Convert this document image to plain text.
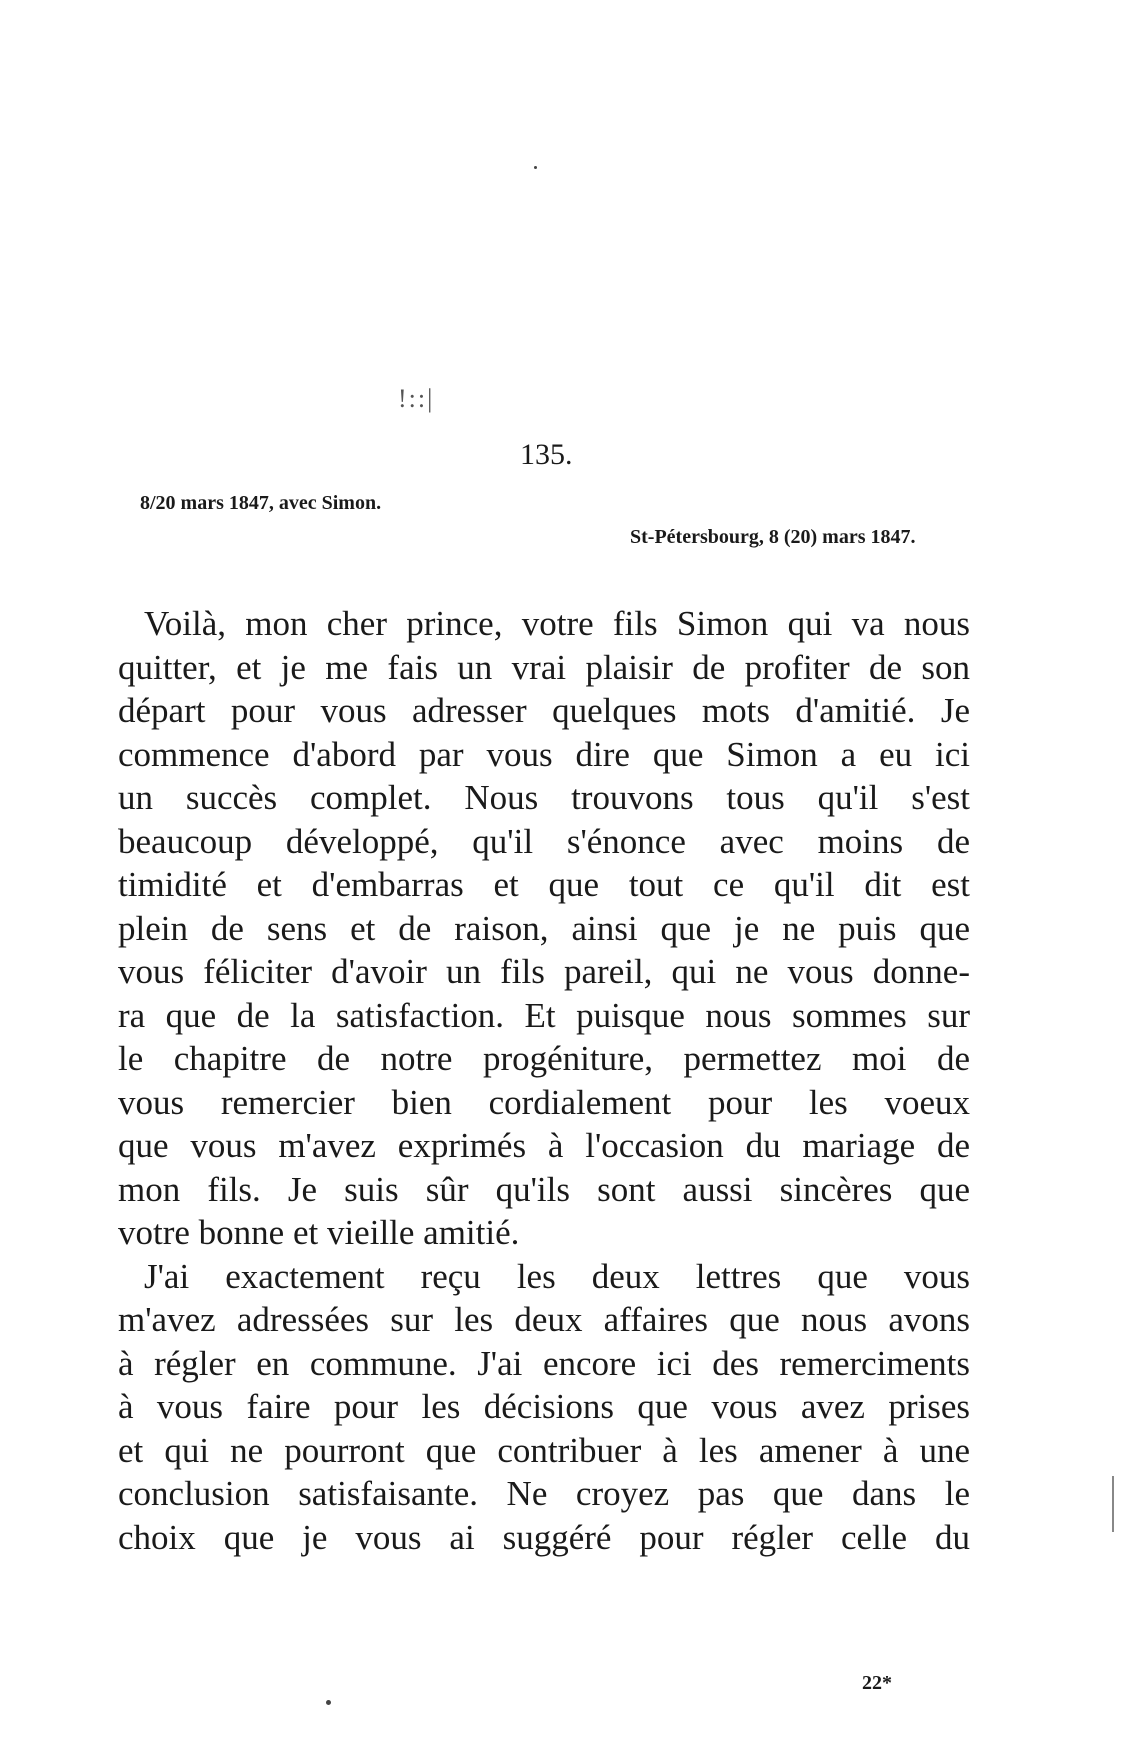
!::|
135.
8/20 mars 1847, avec Simon.
St-Pétersbourg, 8 (20) mars 1847.
Voilà, mon cher prince, votre fils Simon qui va nous
quitter, et je me fais un vrai plaisir de profiter de son
départ pour vous adresser quelques mots d'amitié. Je
commence d'abord par vous dire que Simon a eu ici
un succès complet. Nous trouvons tous qu'il s'est
beaucoup développé, qu'il s'énonce avec moins de
timidité et d'embarras et que tout ce qu'il dit est
plein de sens et de raison, ainsi que je ne puis que
vous féliciter d'avoir un fils pareil, qui ne vous donne-
ra que de la satisfaction. Et puisque nous sommes sur
le chapitre de notre progéniture, permettez moi de
vous remercier bien cordialement pour les voeux
que vous m'avez exprimés à l'occasion du mariage de
mon fils. Je suis sûr qu'ils sont aussi sincères que
votre bonne et vieille amitié.
J'ai exactement reçu les deux lettres que vous
m'avez adressées sur les deux affaires que nous avons
à régler en commune. J'ai encore ici des remerciments
à vous faire pour les décisions que vous avez prises
et qui ne pourront que contribuer à les amener à une
conclusion satisfaisante. Ne croyez pas que dans le
choix que je vous ai suggéré pour régler celle du
22*
